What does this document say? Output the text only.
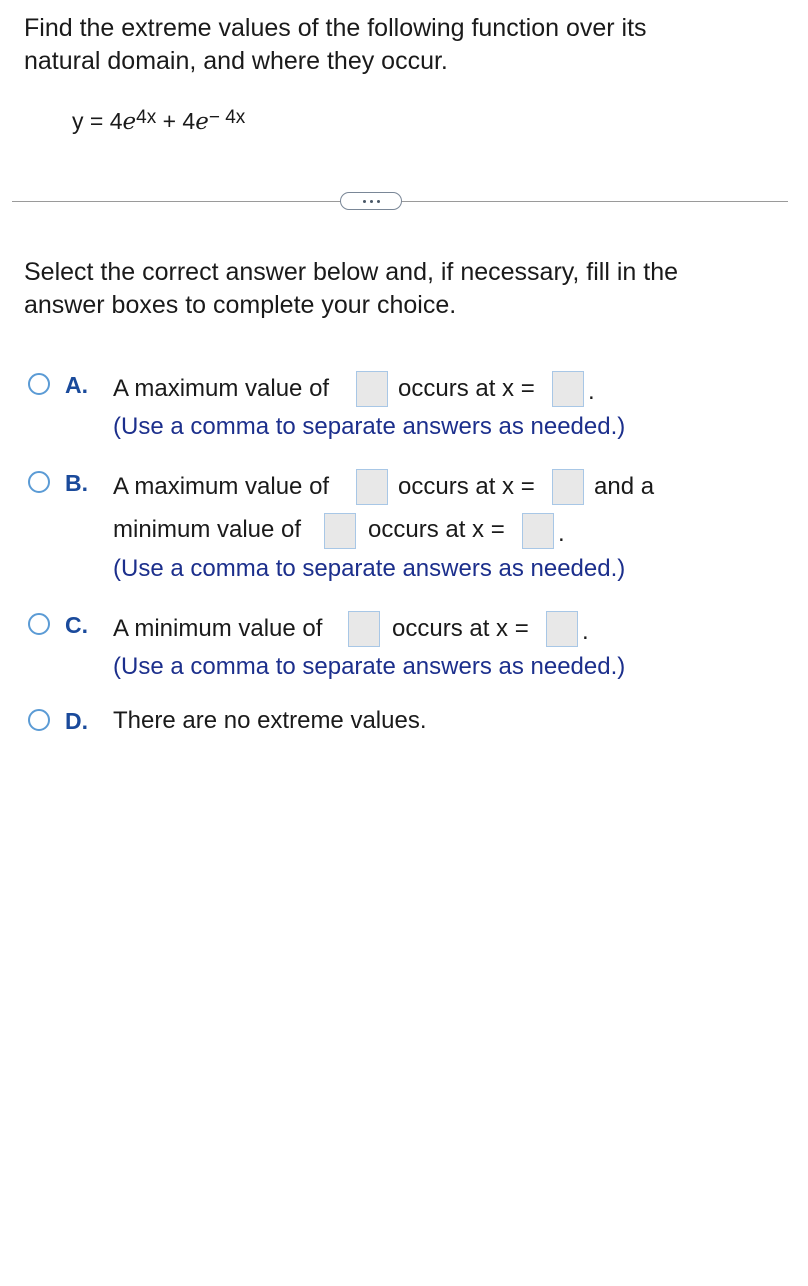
Find the extreme values of the following function over its natural domain, and where they occur.
$y = 4e^{4x} + 4e^{- 4x}$
Select the correct answer below and, if necessary, fill in the answer boxes to complete your choice.
A. A maximum value of	occurs at x = .
(Use a comma to separate answers as needed.)
B. A maximum value of	occurs at x = and a
minimum value of	occurs at x = .
(Use a comma to separate answers as needed.)
C. A minimum value of	occurs at x = .
(Use a comma to separate answers as needed.)
D. There are no extreme values.
